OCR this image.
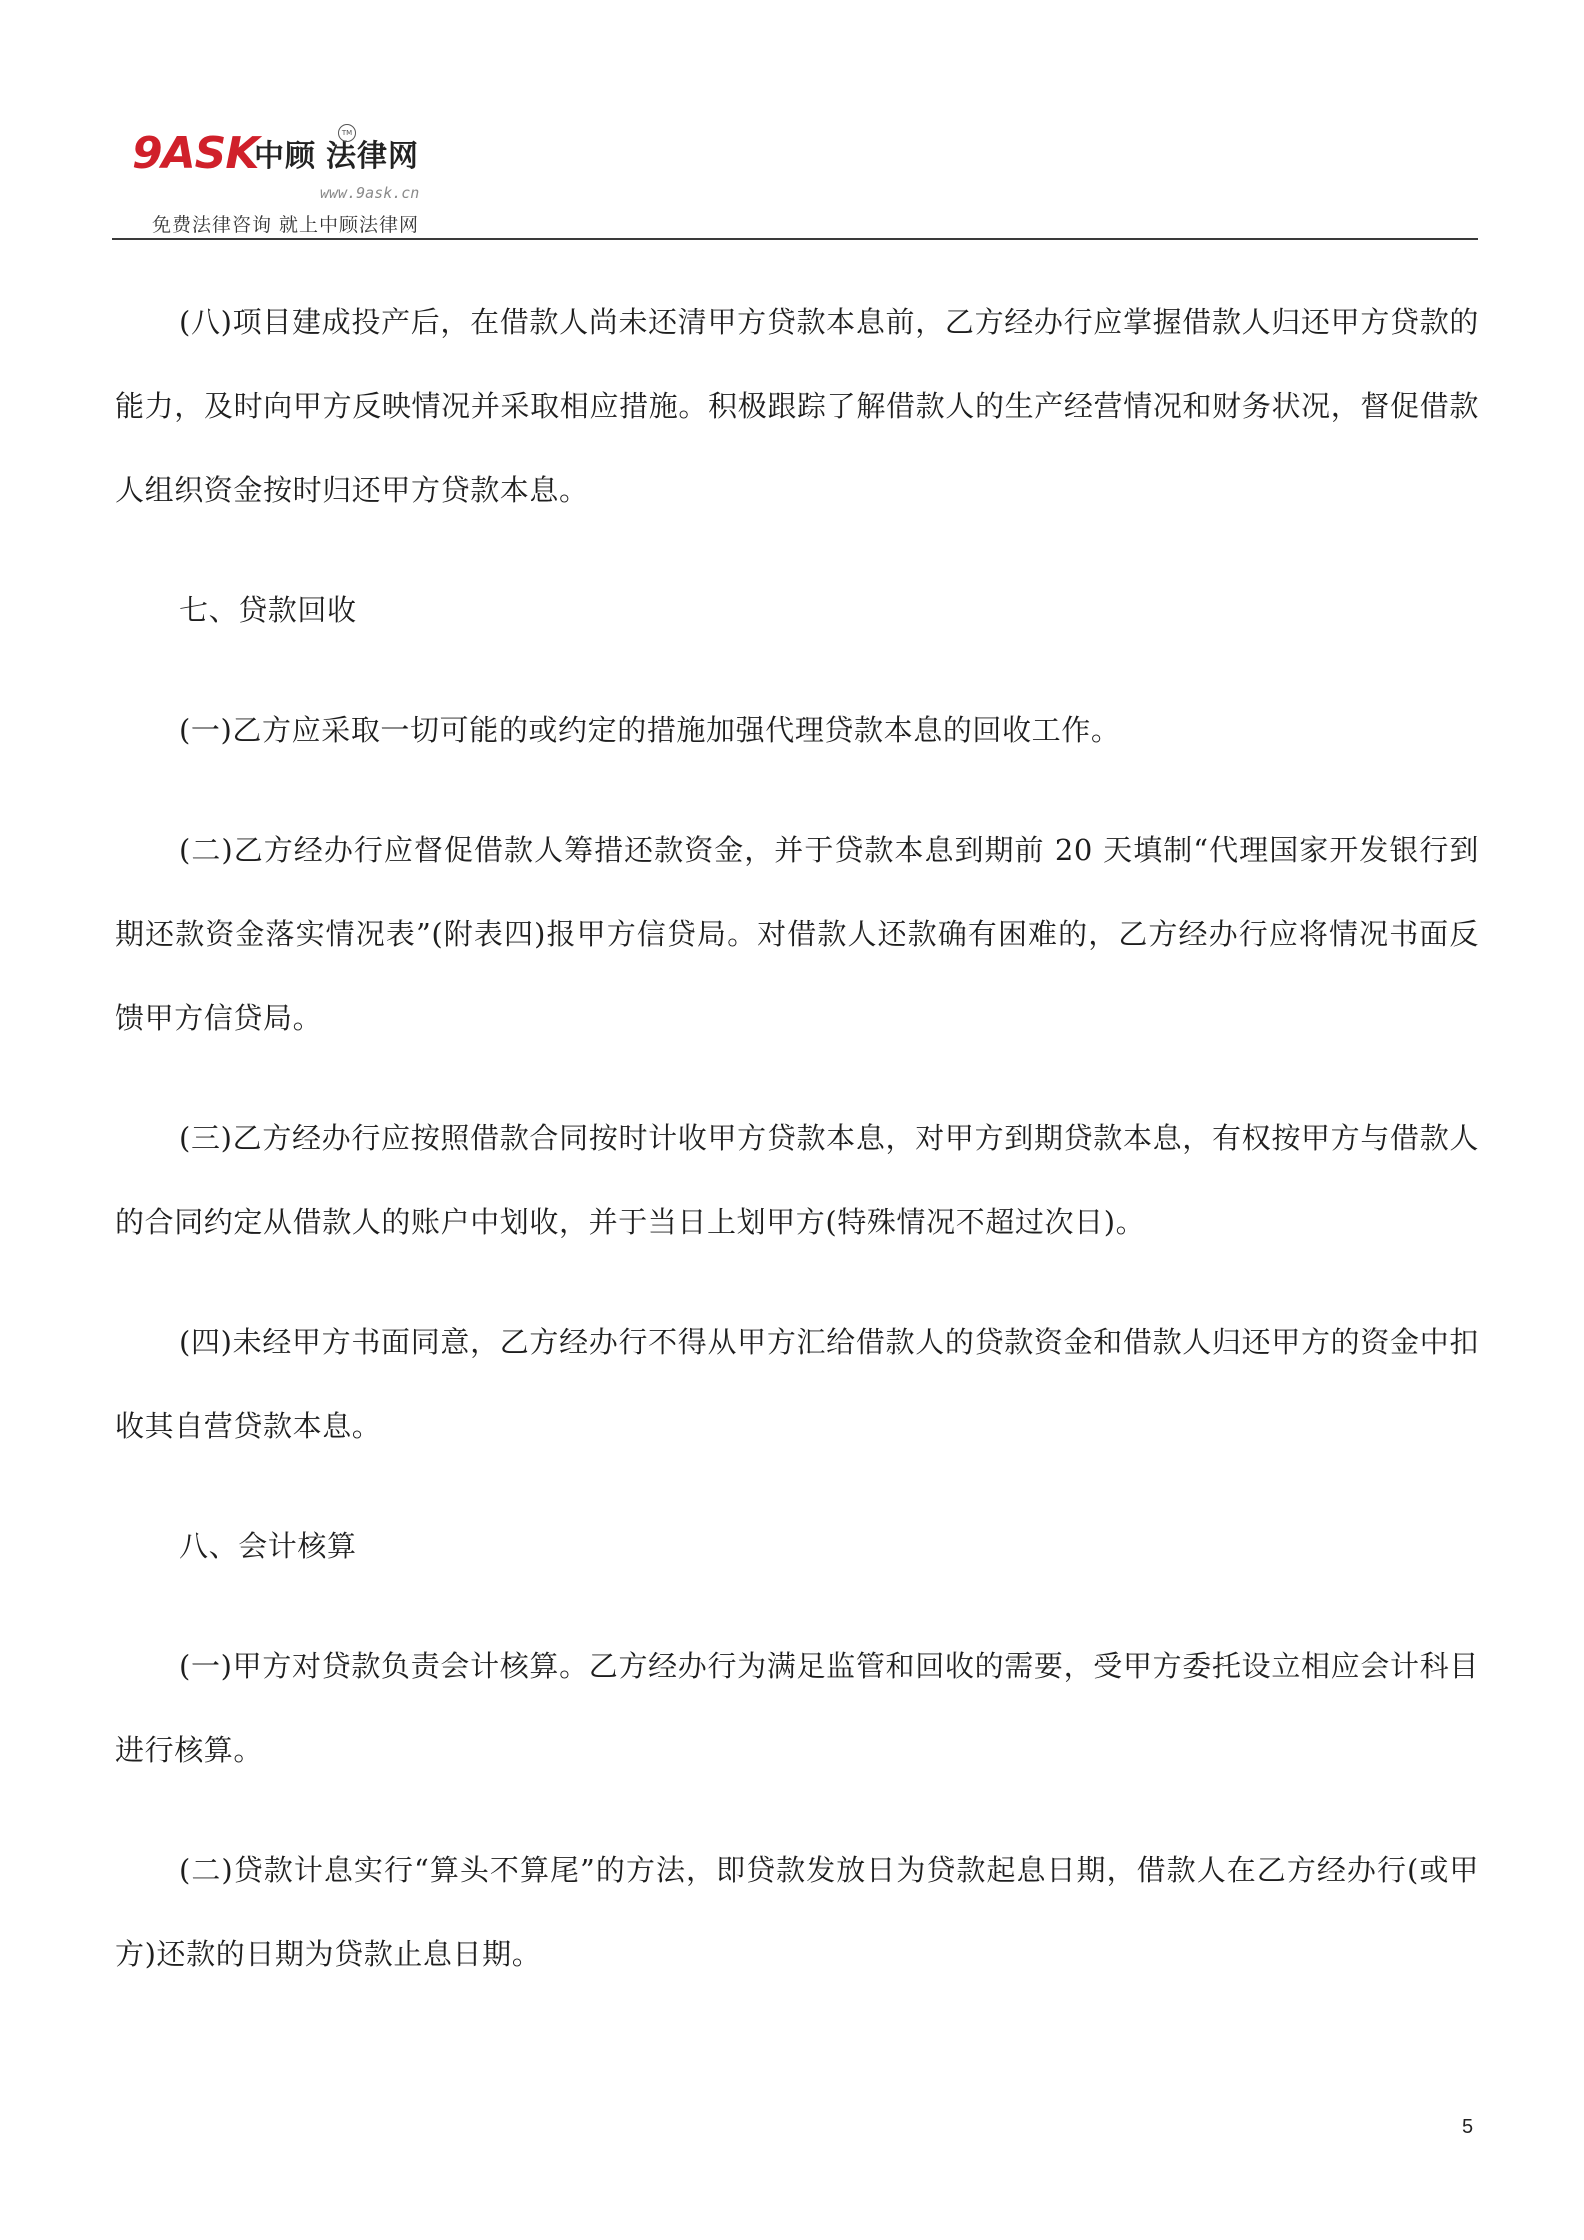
9ASK
中顾 法律网
TM
www.9ask.cn
免费法律咨询 就上中顾法律网

(八)项目建成投产后，在借款人尚未还清甲方贷款本息前，乙方经办行应掌握借款人归还甲方贷款的能力，及时向甲方反映情况并采取相应措施。积极跟踪了解借款人的生产经营情况和财务状况，督促借款人组织资金按时归还甲方贷款本息。

七、贷款回收

(一)乙方应采取一切可能的或约定的措施加强代理贷款本息的回收工作。

(二)乙方经办行应督促借款人筹措还款资金，并于贷款本息到期前 20 天填制“代理国家开发银行到期还款资金落实情况表”(附表四)报甲方信贷局。对借款人还款确有困难的，乙方经办行应将情况书面反馈甲方信贷局。

(三)乙方经办行应按照借款合同按时计收甲方贷款本息，对甲方到期贷款本息，有权按甲方与借款人的合同约定从借款人的账户中划收，并于当日上划甲方(特殊情况不超过次日)。

(四)未经甲方书面同意，乙方经办行不得从甲方汇给借款人的贷款资金和借款人归还甲方的资金中扣收其自营贷款本息。

八、会计核算

(一)甲方对贷款负责会计核算。乙方经办行为满足监管和回收的需要，受甲方委托设立相应会计科目进行核算。

(二)贷款计息实行“算头不算尾”的方法，即贷款发放日为贷款起息日期，借款人在乙方经办行(或甲方)还款的日期为贷款止息日期。

5
